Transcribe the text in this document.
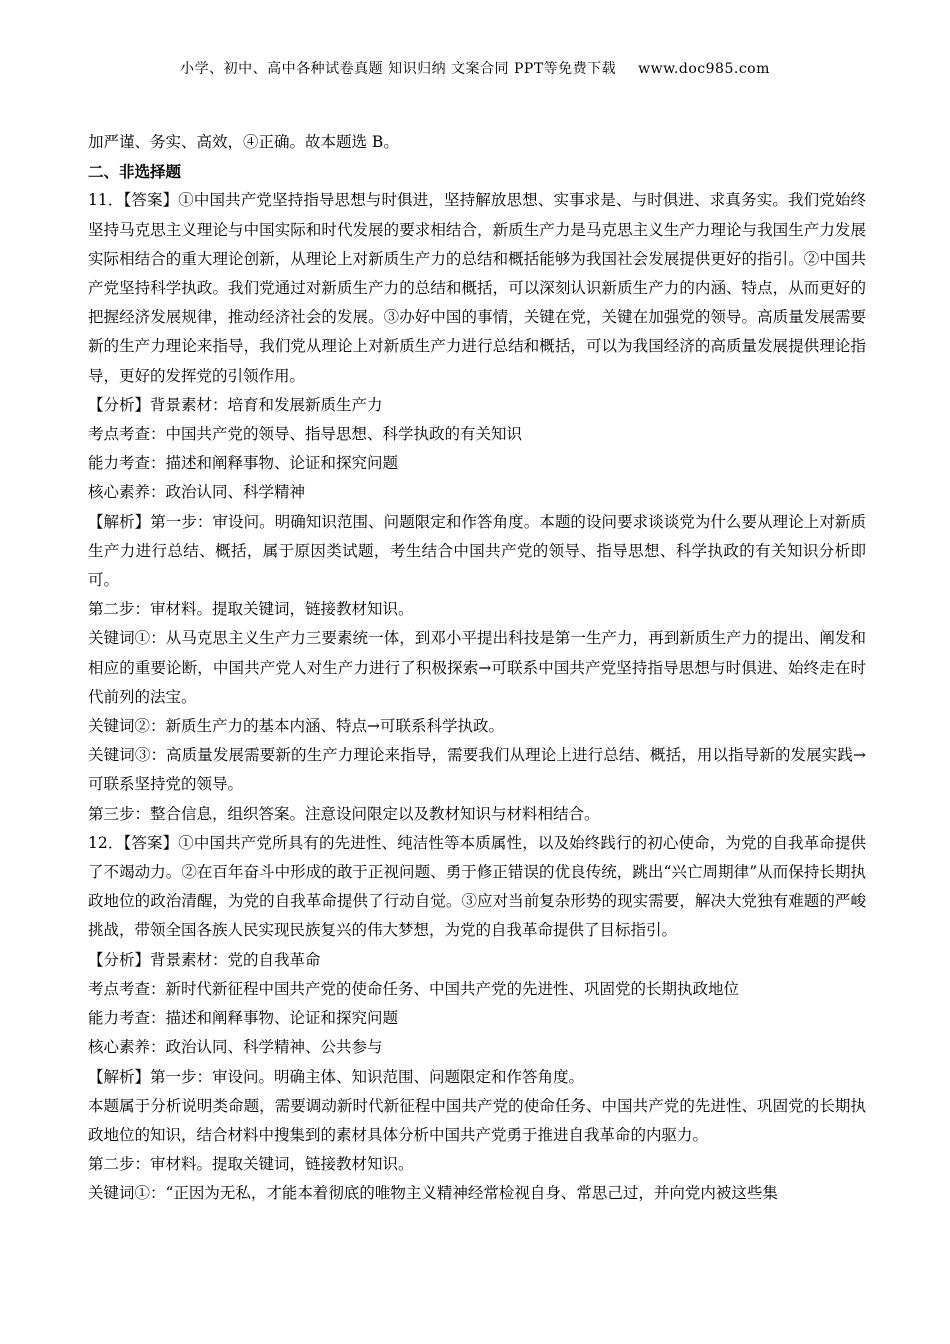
小学、初中、高中各种试卷真题 知识归纳 文案合同 PPT等免费下载 www.doc985.com

加严谨、务实、高效，④正确。故本题选 B。

二、非选择题

11．【答案】①中国共产党坚持指导思想与时俱进，坚持解放思想、实事求是、与时俱进、求真务实。我们党始终坚持马克思主义理论与中国实际和时代发展的要求相结合，新质生产力是马克思主义生产力理论与我国生产力发展实际相结合的重大理论创新，从理论上对新质生产力的总结和概括能够为我国社会发展提供更好的指引。②中国共产党坚持科学执政。我们党通过对新质生产力的总结和概括，可以深刻认识新质生产力的内涵、特点，从而更好的把握经济发展规律，推动经济社会的发展。③办好中国的事情，关键在党，关键在加强党的领导。高质量发展需要新的生产力理论来指导，我们党从理论上对新质生产力进行总结和概括，可以为我国经济的高质量发展提供理论指导，更好的发挥党的引领作用。

【分析】背景素材：培育和发展新质生产力

考点考查：中国共产党的领导、指导思想、科学执政的有关知识

能力考查：描述和阐释事物、论证和探究问题

核心素养：政治认同、科学精神

【解析】第一步：审设问。明确知识范围、问题限定和作答角度。本题的设问要求谈谈党为什么要从理论上对新质生产力进行总结、概括，属于原因类试题，考生结合中国共产党的领导、指导思想、科学执政的有关知识分析即可。

第二步：审材料。提取关键词，链接教材知识。

关键词①：从马克思主义生产力三要素统一体，到邓小平提出科技是第一生产力，再到新质生产力的提出、阐发和相应的重要论断，中国共产党人对生产力进行了积极探索→可联系中国共产党坚持指导思想与时俱进、始终走在时代前列的法宝。

关键词②：新质生产力的基本内涵、特点→可联系科学执政。

关键词③：高质量发展需要新的生产力理论来指导，需要我们从理论上进行总结、概括，用以指导新的发展实践→可联系坚持党的领导。

第三步：整合信息，组织答案。注意设问限定以及教材知识与材料相结合。

12．【答案】①中国共产党所具有的先进性、纯洁性等本质属性，以及始终践行的初心使命，为党的自我革命提供了不竭动力。②在百年奋斗中形成的敢于正视问题、勇于修正错误的优良传统，跳出“兴亡周期律”从而保持长期执政地位的政治清醒，为党的自我革命提供了行动自觉。③应对当前复杂形势的现实需要，解决大党独有难题的严峻挑战，带领全国各族人民实现民族复兴的伟大梦想，为党的自我革命提供了目标指引。

【分析】背景素材：党的自我革命

考点考查：新时代新征程中国共产党的使命任务、中国共产党的先进性、巩固党的长期执政地位

能力考查：描述和阐释事物、论证和探究问题

核心素养：政治认同、科学精神、公共参与

【解析】第一步：审设问。明确主体、知识范围、问题限定和作答角度。

本题属于分析说明类命题，需要调动新时代新征程中国共产党的使命任务、中国共产党的先进性、巩固党的长期执政地位的知识，结合材料中搜集到的素材具体分析中国共产党勇于推进自我革命的内驱力。

第二步：审材料。提取关键词，链接教材知识。

关键词①：“正因为无私，才能本着彻底的唯物主义精神经常检视自身、常思己过，并向党内被这些集
